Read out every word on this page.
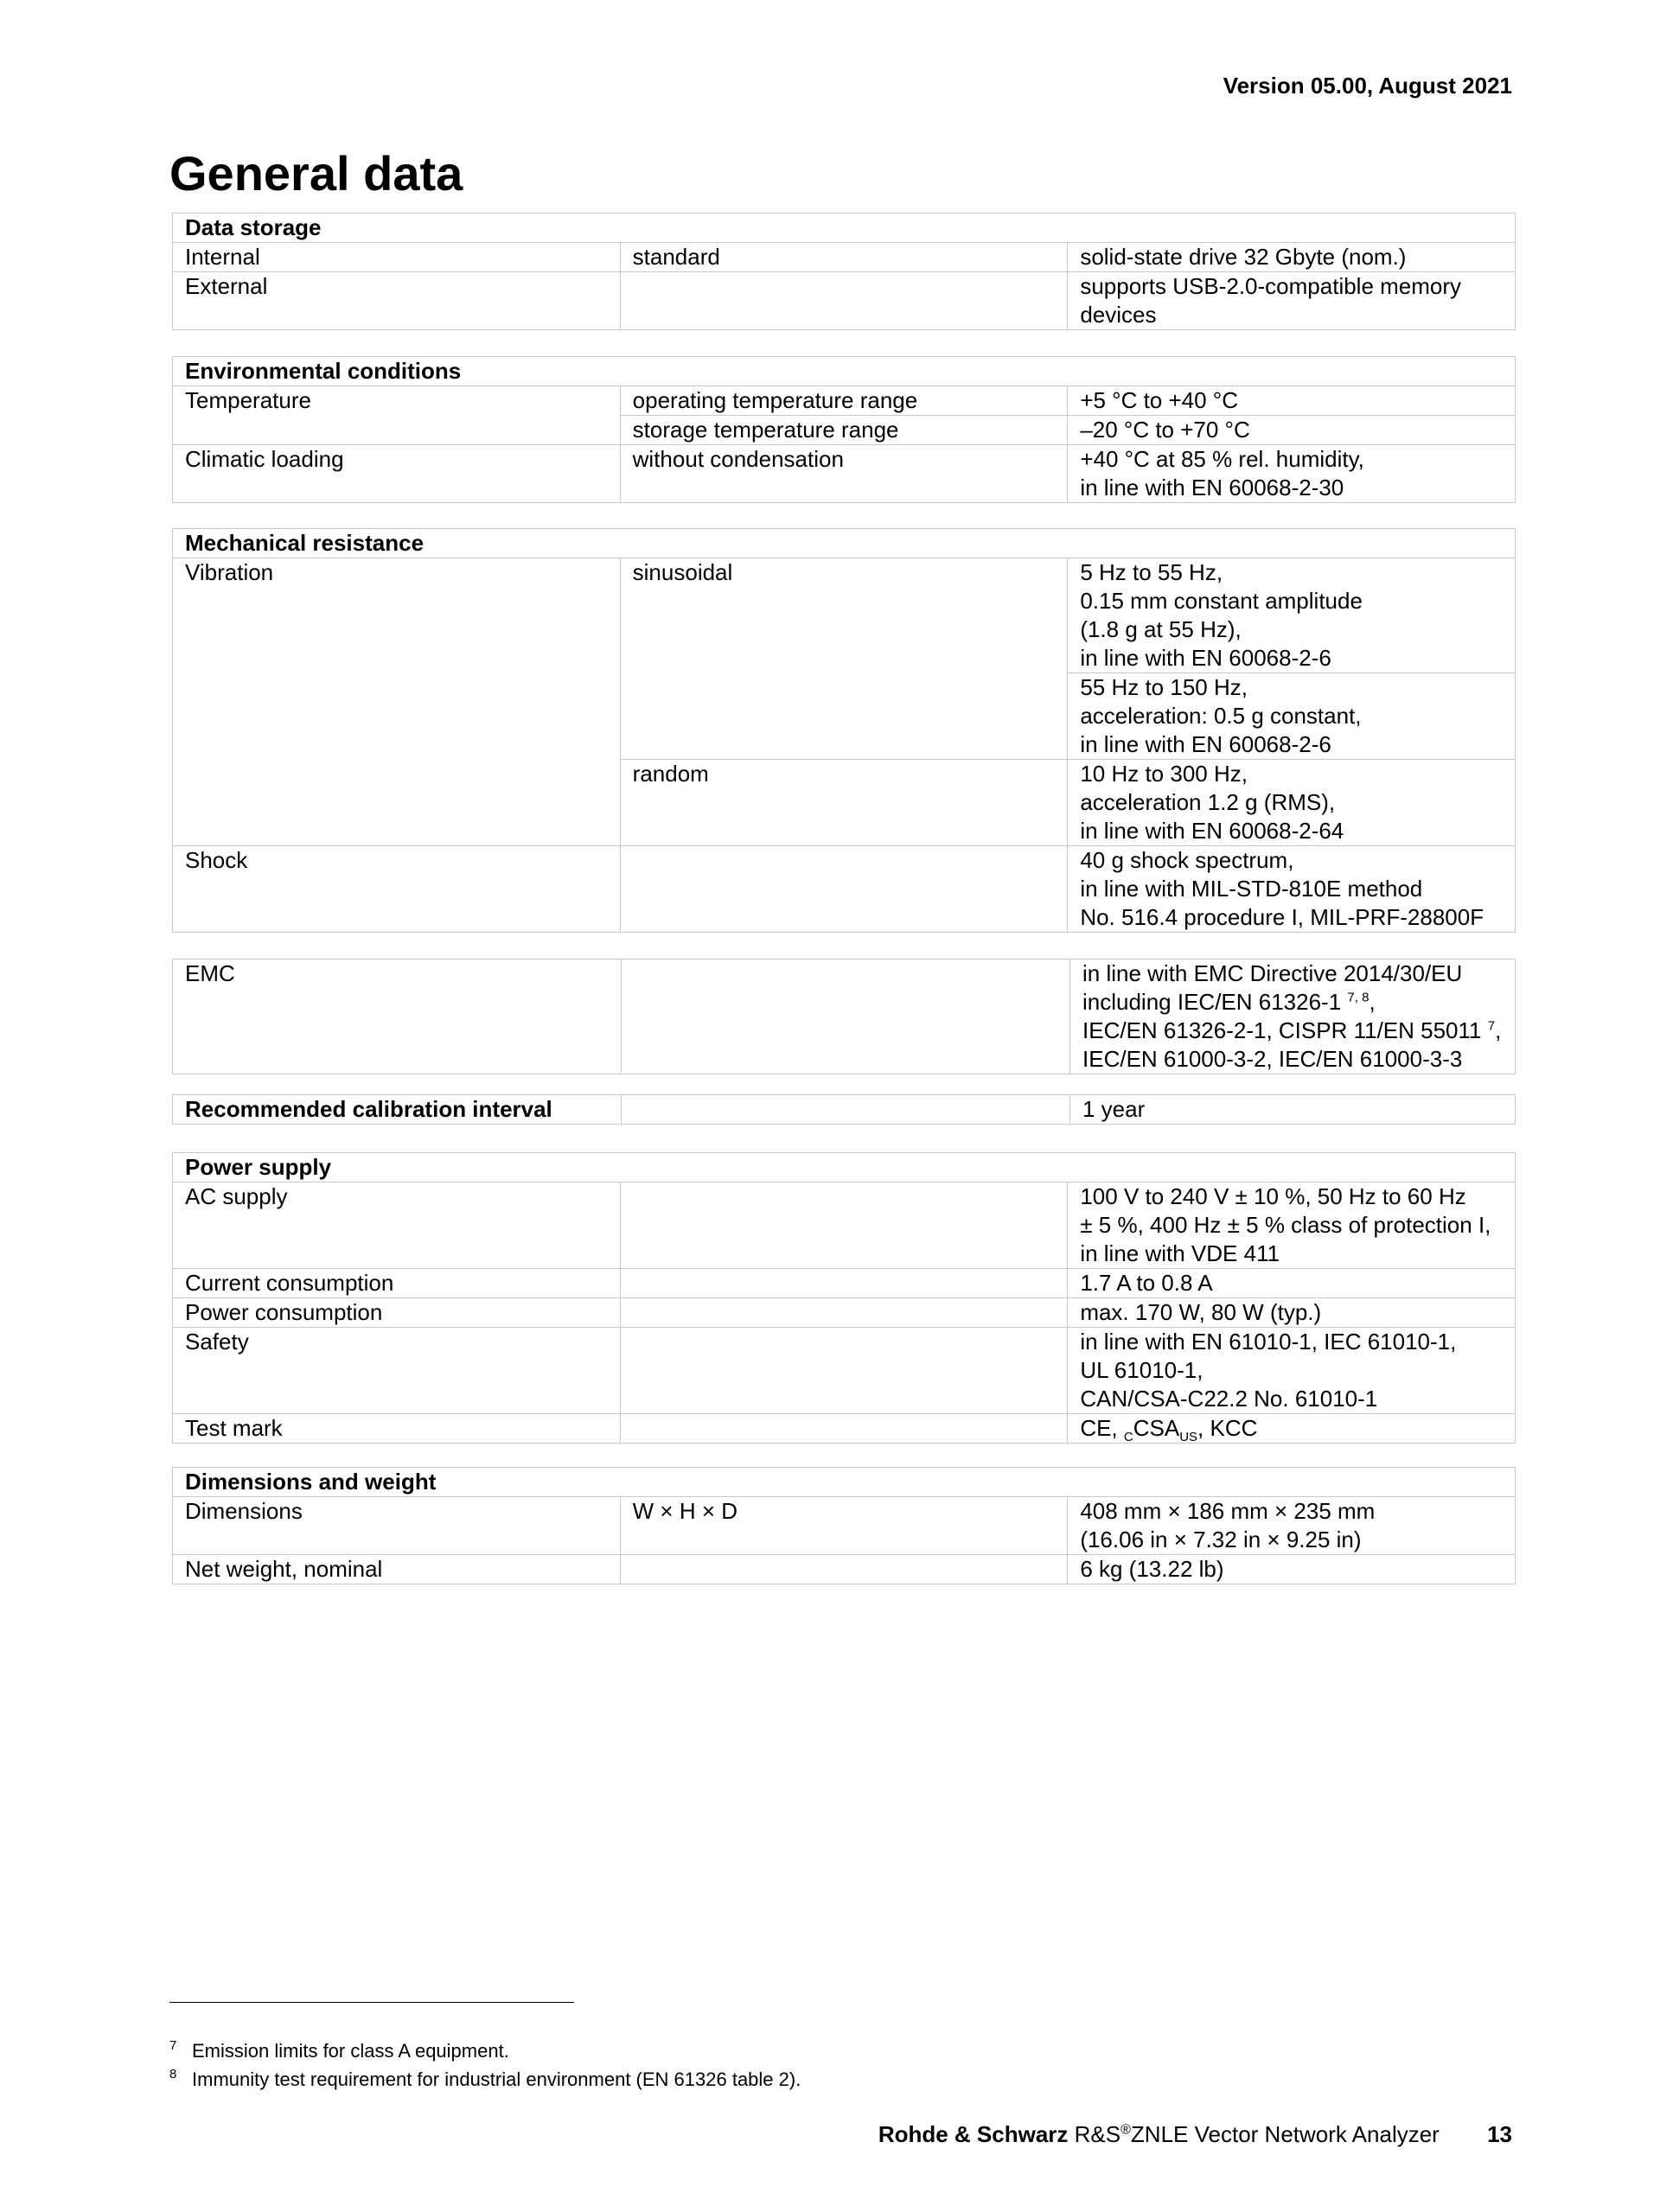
Version 05.00, August 2021
General data
Data storage		
Internal	standard	solid-state drive 32 Gbyte (nom.)
External		supports USB-2.0-compatible memory
devices
Environmental conditions		
Temperature	operating temperature range	+5 °C to +40 °C
	storage temperature range	–20 °C to +70 °C
Climatic loading	without condensation	+40 °C at 85 % rel. humidity,
in line with EN 60068-2-30
Mechanical resistance		
Vibration	sinusoidal	5 Hz to 55 Hz,
0.15 mm constant amplitude
(1.8 g at 55 Hz),
in line with EN 60068-2-6

		55 Hz to 150 Hz,
acceleration: 0.5 g constant,
in line with EN 60068-2-6

	random	10 Hz to 300 Hz,
acceleration 1.2 g (RMS),
in line with EN 60068-2-64

Shock		40 g shock spectrum,
in line with MIL-STD-810E method
No. 516.4 procedure I, MIL-PRF-28800F
EMC		in line with EMC Directive 2014/30/EU
including IEC/EN 61326-1 $^{7, 8}$,
IEC/EN 61326-2-1, CISPR 11/EN 55011 $^7$,
IEC/EN 61000-3-2, IEC/EN 61000-3-3
Recommended calibration interval		1 year
Power supply		
AC supply		100 V to 240 V ± 10 %, 50 Hz to 60 Hz
± 5 %, 400 Hz ± 5 % class of protection I,
in line with VDE 411

Current consumption		1.7 A to 0.8 A
Power consumption		max. 170 W, 80 W (typ.)
Safety		in line with EN 61010-1, IEC 61010-1,
UL 61010-1,
CAN/CSA-C22.2 No. 61010-1

Test mark		CE, $_CCSA_{US}$, KCC
Dimensions and weight		
Dimensions	W × H × D	408 mm × 186 mm × 235 mm
(16.06 in × 7.32 in × 9.25 in)

Net weight, nominal		6 kg (13.22 lb)
7 Emission limits for class A equipment.
8 Immunity test requirement for industrial environment (EN 61326 table 2).
Rohde & Schwarz R&S®ZNLE Vector Network Analyzer 13
